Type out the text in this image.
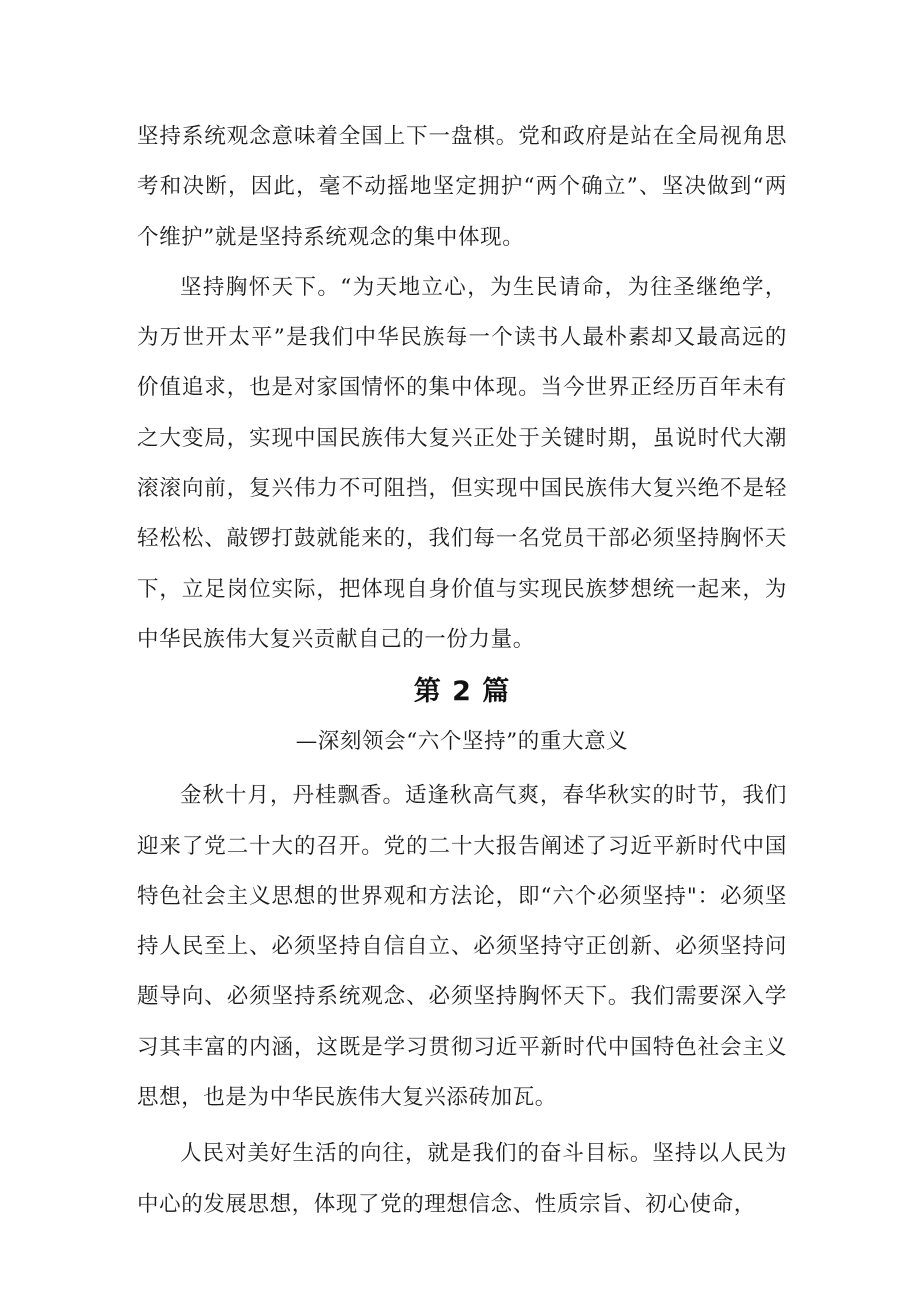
坚持系统观念意味着全国上下一盘棋。党和政府是站在全局视角思考和决断，因此，毫不动摇地坚定拥护“两个确立”、坚决做到“两个维护”就是坚持系统观念的集中体现。

坚持胸怀天下。“为天地立心，为生民请命，为往圣继绝学，为万世开太平”是我们中华民族每一个读书人最朴素却又最高远的价值追求，也是对家国情怀的集中体现。当今世界正经历百年未有之大变局，实现中国民族伟大复兴正处于关键时期，虽说时代大潮滚滚向前，复兴伟力不可阻挡，但实现中国民族伟大复兴绝不是轻轻松松、敲锣打鼓就能来的，我们每一名党员干部必须坚持胸怀天下，立足岗位实际，把体现自身价值与实现民族梦想统一起来，为中华民族伟大复兴贡献自己的一份力量。

第 2 篇

—深刻领会“六个坚持”的重大意义

金秋十月，丹桂飘香。适逢秋高气爽，春华秋实的时节，我们迎来了党二十大的召开。党的二十大报告阐述了习近平新时代中国特色社会主义思想的世界观和方法论，即“六个必须坚持"：必须坚持人民至上、必须坚持自信自立、必须坚持守正创新、必须坚持问题导向、必须坚持系统观念、必须坚持胸怀天下。我们需要深入学习其丰富的内涵，这既是学习贯彻习近平新时代中国特色社会主义思想，也是为中华民族伟大复兴添砖加瓦。

人民对美好生活的向往，就是我们的奋斗目标。坚持以人民为中心的发展思想，体现了党的理想信念、性质宗旨、初心使命，
